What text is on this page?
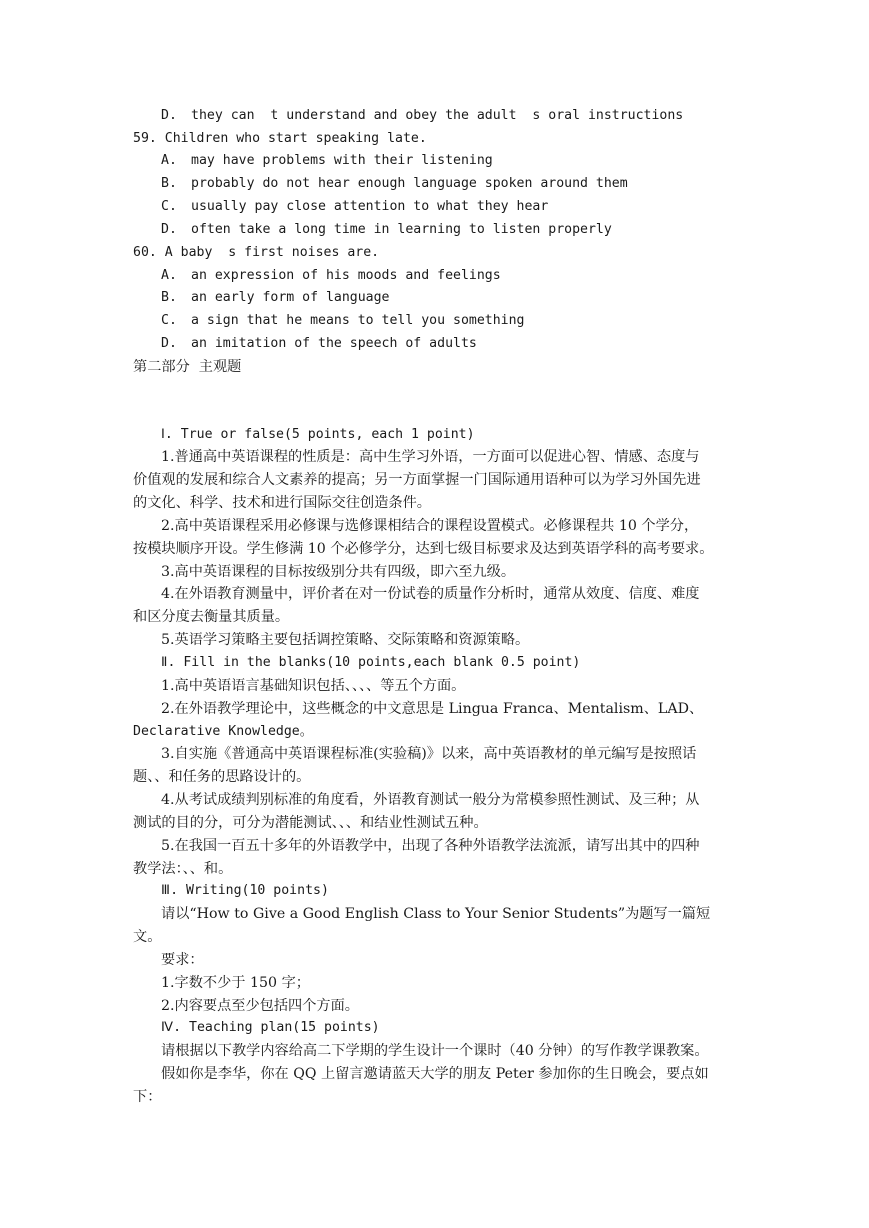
D. they can  t understand and obey the adult  s oral instructions
59. Children who start speaking late.
A. may have problems with their listening
B. probably do not hear enough language spoken around them
C. usually pay close attention to what they hear
D. often take a long time in learning to listen properly
60. A baby  s first noises are.
A. an expression of his moods and feelings
B. an early form of language
C. a sign that he means to tell you something
D. an imitation of the speech of adults
第二部分  主观题
Ⅰ. True or false(5 points, each 1 point)
1.普通高中英语课程的性质是：高中生学习外语，一方面可以促进心智、情感、态度与
价值观的发展和综合人文素养的提高；另一方面掌握一门国际通用语种可以为学习外国先进
的文化、科学、技术和进行国际交往创造条件。
2.高中英语课程采用必修课与选修课相结合的课程设置模式。必修课程共 10 个学分，
按模块顺序开设。学生修满 10 个必修学分，达到七级目标要求及达到英语学科的高考要求。
3.高中英语课程的目标按级别分共有四级，即六至九级。
4.在外语教育测量中，评价者在对一份试卷的质量作分析时，通常从效度、信度、难度
和区分度去衡量其质量。
5.英语学习策略主要包括调控策略、交际策略和资源策略。
Ⅱ. Fill in the blanks(10 points,each blank 0.5 point)
1.高中英语语言基础知识包括、、、、等五个方面。
2.在外语教学理论中，这些概念的中文意思是 Lingua Franca、Mentalism、LAD、
Declarative Knowledge。
3.自实施《普通高中英语课程标准(实验稿)》以来，高中英语教材的单元编写是按照话
题、、和任务的思路设计的。
4.从考试成绩判别标准的角度看，外语教育测试一般分为常模参照性测试、及三种；从
测试的目的分，可分为潜能测试、、、和结业性测试五种。
5.在我国一百五十多年的外语教学中，出现了各种外语教学法流派，请写出其中的四种
教学法：、、和。
Ⅲ. Writing(10 points)
请以“How to Give a Good English Class to Your Senior Students”为题写一篇短
文。
要求：
1.字数不少于 150 字；
2.内容要点至少包括四个方面。
Ⅳ. Teaching plan(15 points)
请根据以下教学内容给高二下学期的学生设计一个课时（40 分钟）的写作教学课教案。
假如你是李华，你在 QQ 上留言邀请蓝天大学的朋友 Peter 参加你的生日晚会，要点如
下：
